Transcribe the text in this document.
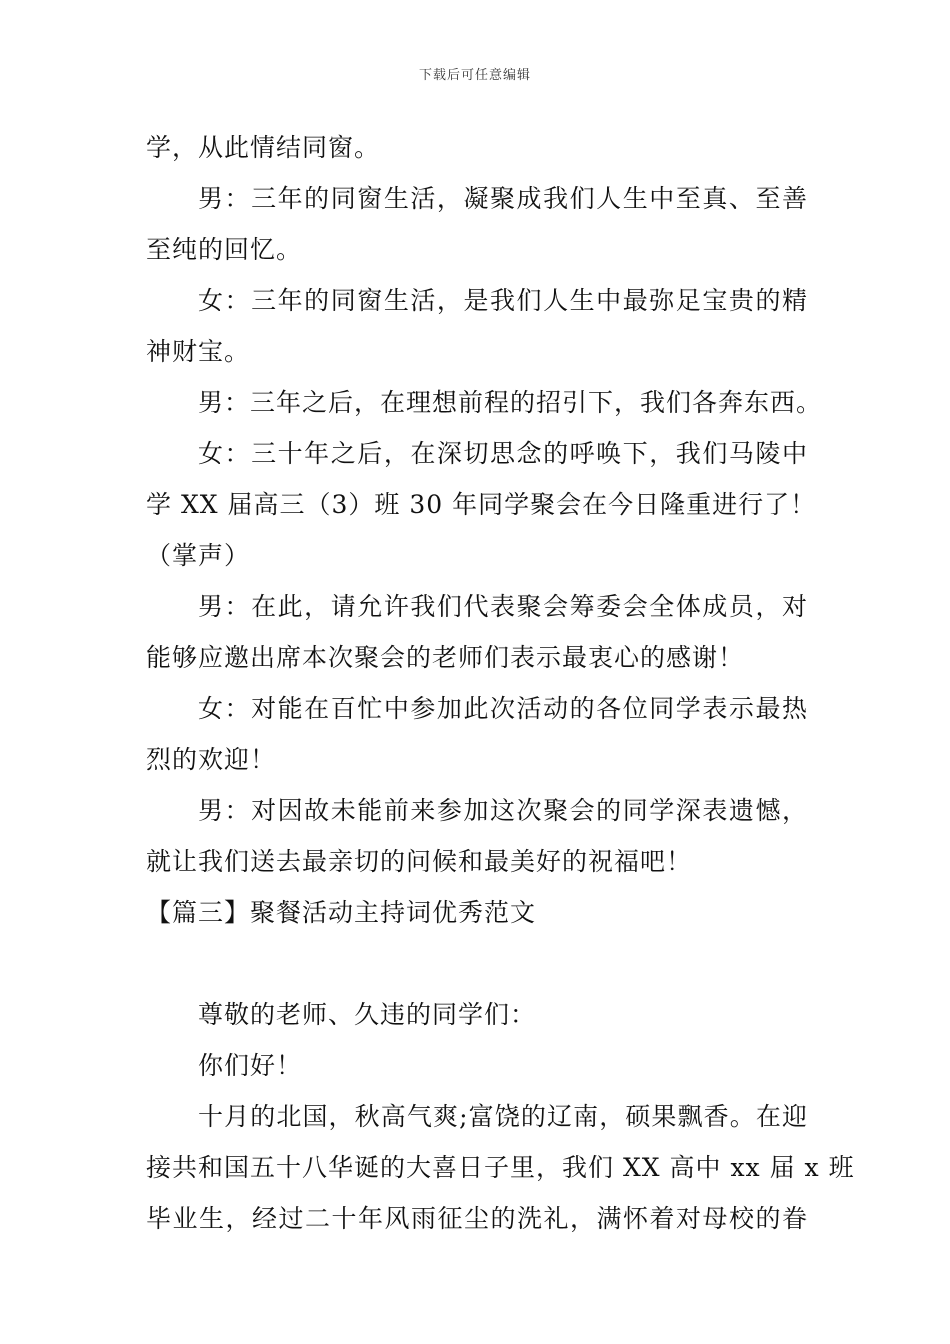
下载后可任意编辑
学，从此情结同窗。
男：三年的同窗生活，凝聚成我们人生中至真、至善
至纯的回忆。
女：三年的同窗生活，是我们人生中最弥足宝贵的精
神财宝。
男：三年之后，在理想前程的招引下，我们各奔东西。
女：三十年之后，在深切思念的呼唤下，我们马陵中
学 XX 届高三（3）班 30 年同学聚会在今日隆重进行了！
（掌声）
男：在此，请允许我们代表聚会筹委会全体成员，对
能够应邀出席本次聚会的老师们表示最衷心的感谢！
女：对能在百忙中参加此次活动的各位同学表示最热
烈的欢迎！
男：对因故未能前来参加这次聚会的同学深表遗憾，
就让我们送去最亲切的问候和最美好的祝福吧！
【篇三】聚餐活动主持词优秀范文
尊敬的老师、久违的同学们：
你们好！
十月的北国，秋高气爽;富饶的辽南，硕果飘香。在迎
接共和国五十八华诞的大喜日子里，我们 XX 高中 xx 届 x 班
毕业生，经过二十年风雨征尘的洗礼，满怀着对母校的眷
